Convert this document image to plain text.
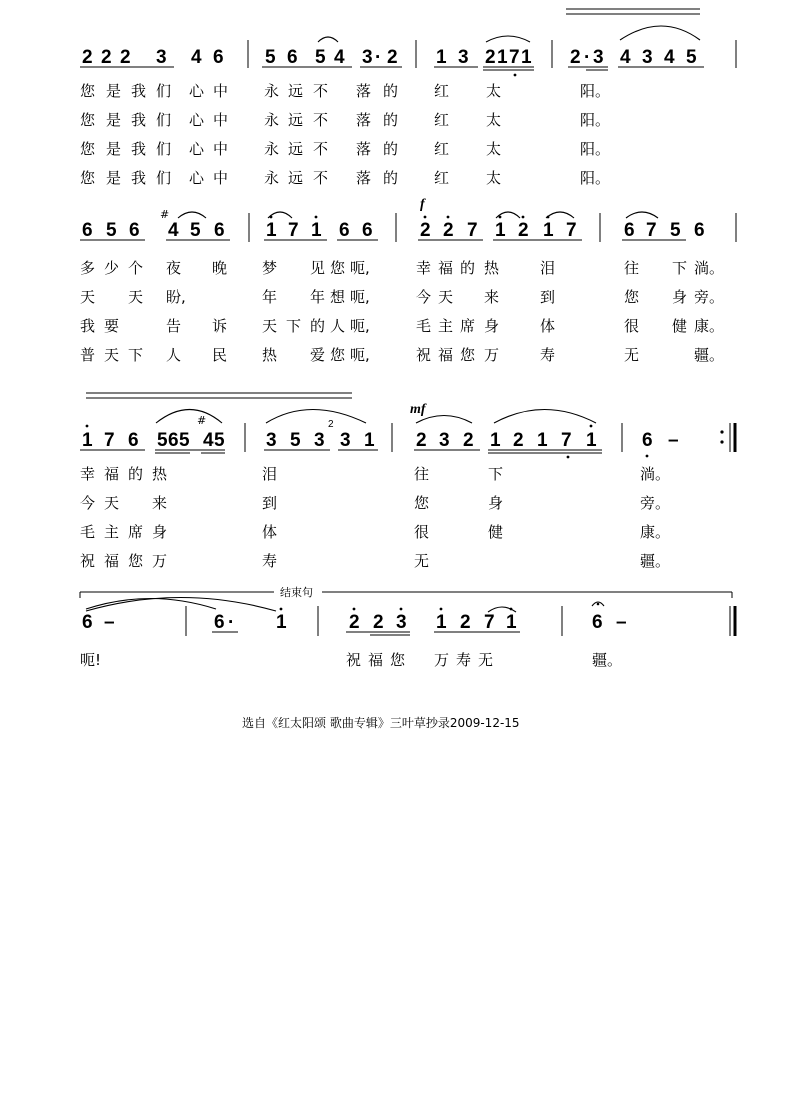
2 2 2 3 4 6 5 6 5 4 3 · 2 1 3 2 1 7 1 2 · 3 4 3 4 5
您 是 我 们 心 中 永 远 不 落 的 红 太	阳。
您 是 我 们 心 中 永 远 不 落 的 红 太	阳。
您 是 我 们 心 中 永 远 不 落 的 红 太	阳。
您 是 我 们 心 中 永 远 不 落 的 红 太	阳。
f
#
6 5 6 4 5 6 1 7 1 6 6 2 2 7 1 2 1 7 6 7 5 6
多 少 个 夜 晚 梦 见 您 呃,	幸 福 的 热	泪	往 下 淌。
天 天 盼,	年 年 想 呃,	今 天 来	到	您 身 旁。
我 要	告 诉 天 下 的 人 呃,	毛 主 席 身	体	很 健 康。
普 天 下 人 民 热 爱 您 呃,	祝 福 您 万	寿	无	疆。
mf
#	2
1 7 6 5 6 5 4 5 3 5 3 3 1 2 3 2 1 2 1 7 1 6 –
幸 福 的 热	泪	往	下	淌。
今 天 来	到	您	身	旁。
毛 主 席 身	体	很	健	康。
祝 福 您 万	寿	无	疆。
结束句
6 –	6 · 1	2 2 3 1 2 7 1	6 –
呃!	祝 福 您 万 寿 无	疆。
选自《红太阳颂 歌曲专辑》三叶草抄录2009-12-15
